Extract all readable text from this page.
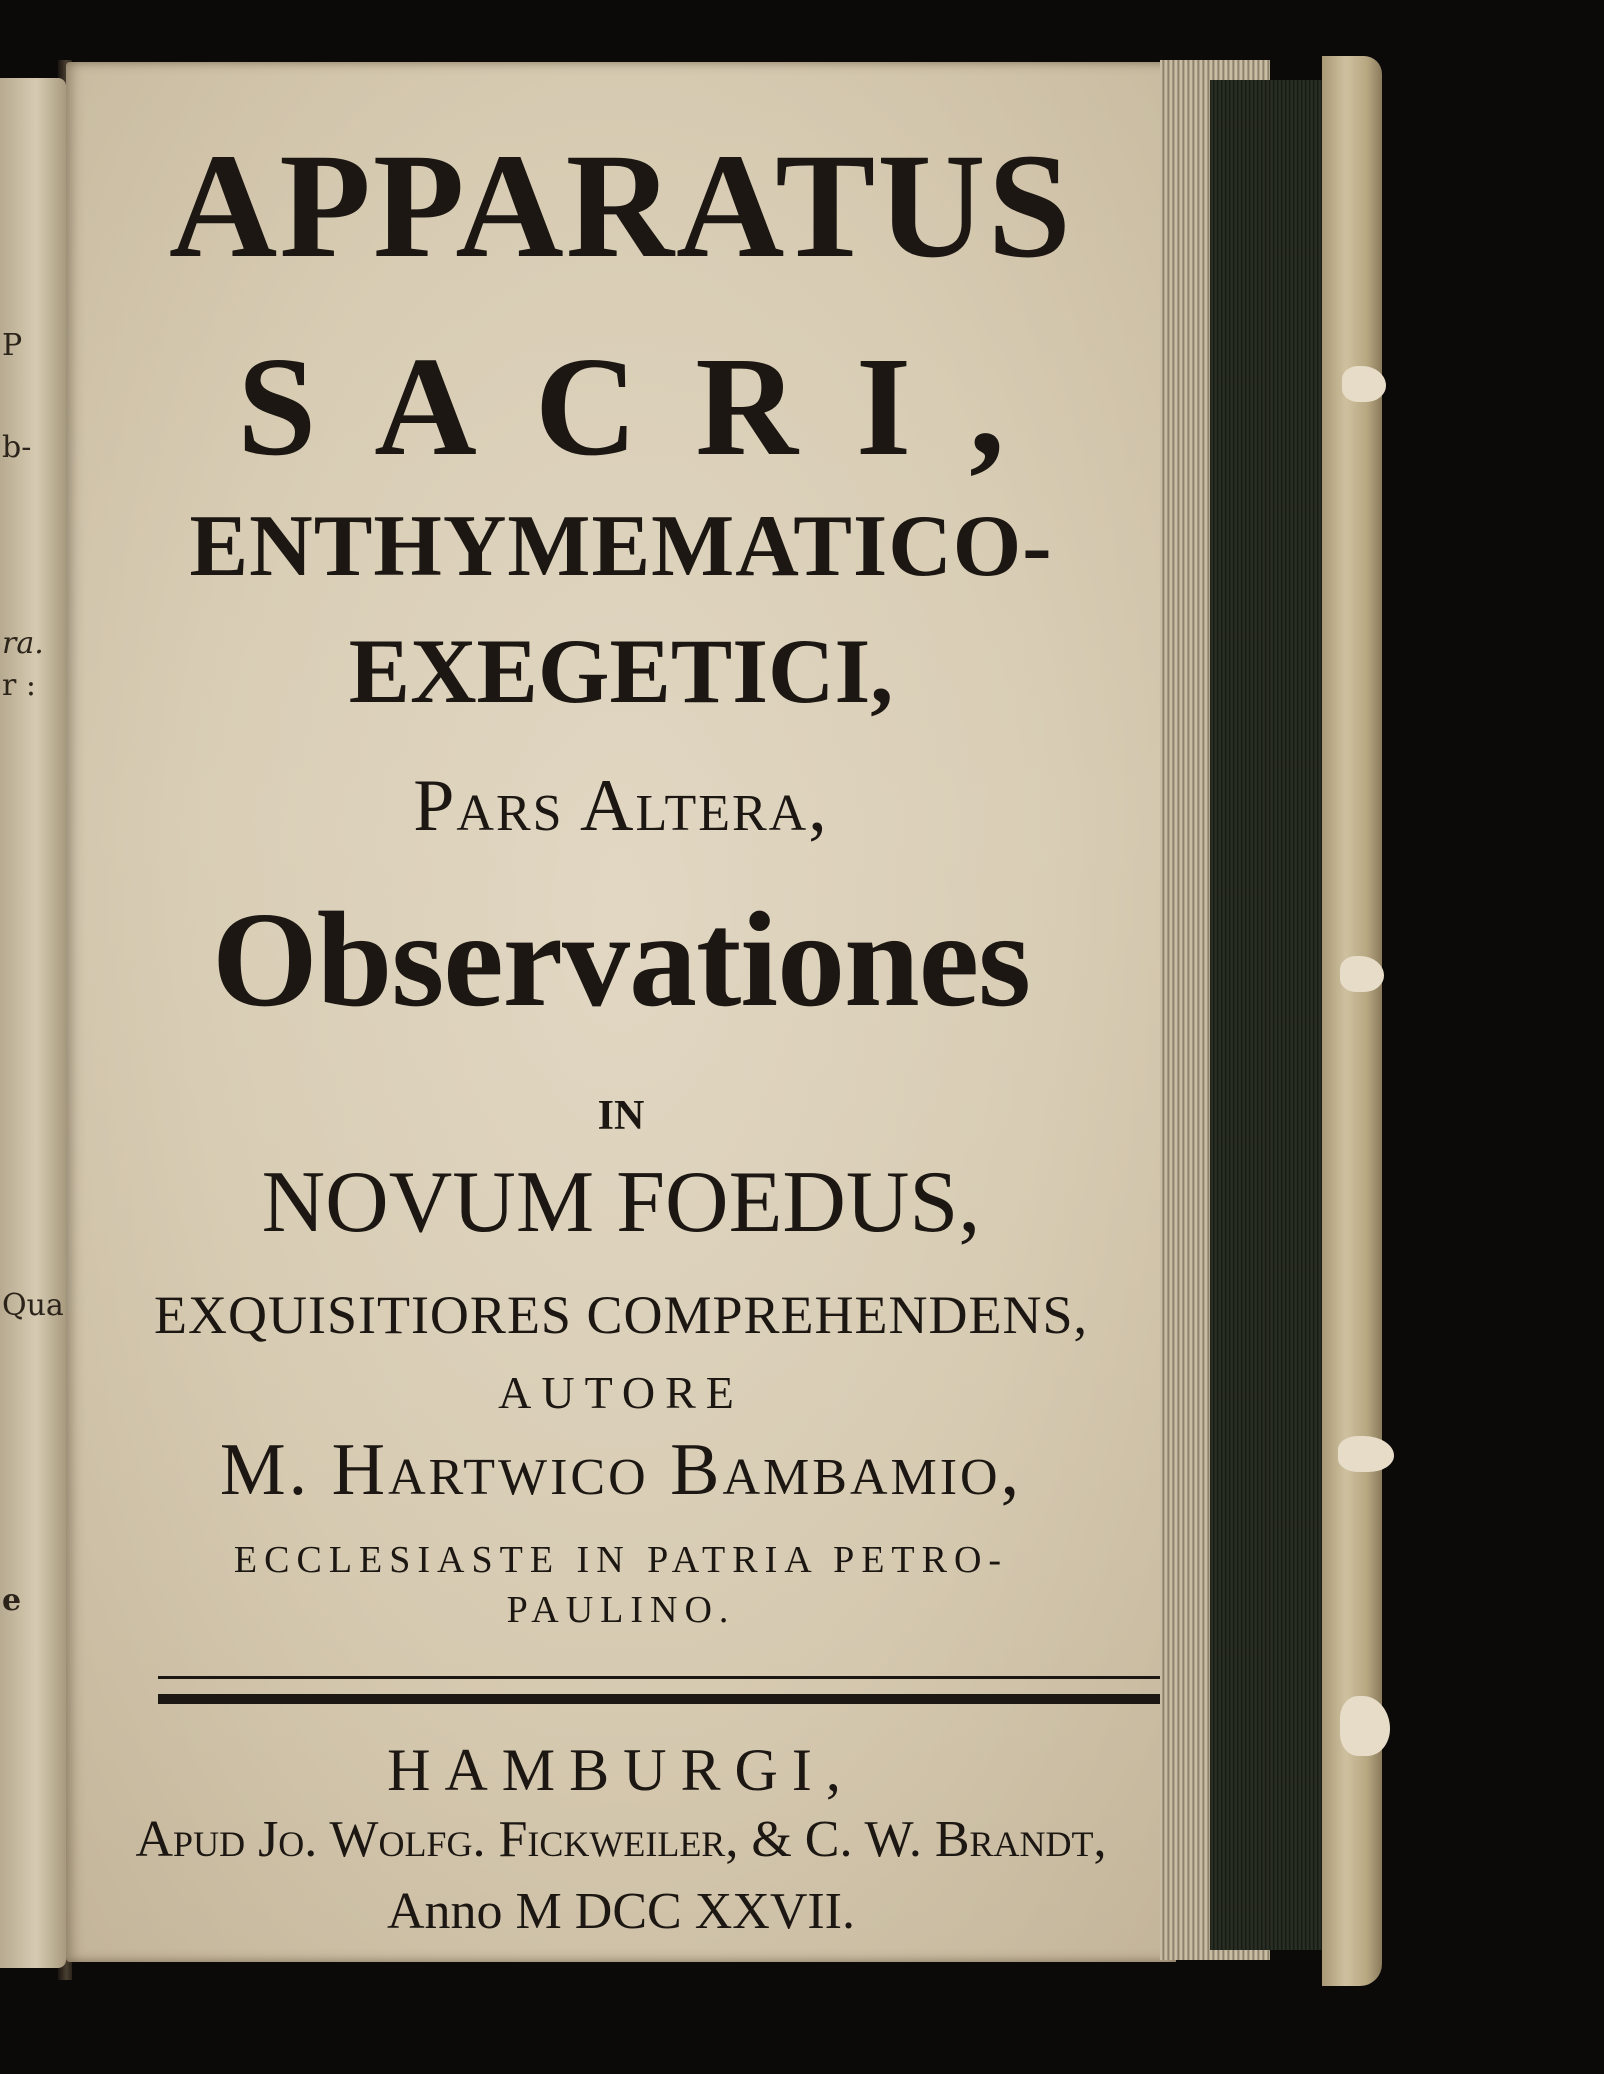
P
b-
ra.
r :
Qua
e
APPARATUS
SACRI,
ENTHYMEMATICO-
EXEGETICI,
Pars Altera,
Observationes
IN
NOVUM FOEDUS,
EXQUISITIORES COMPREHENDENS,
AUTORE
M. Hartwico Bambamio,
ECCLESIASTE IN PATRIA PETRO-
PAULINO.
HAMBURGI,
Apud Jo. Wolfg. Fickweiler, & C. W. Brandt,
Anno M DCC XXVII.
